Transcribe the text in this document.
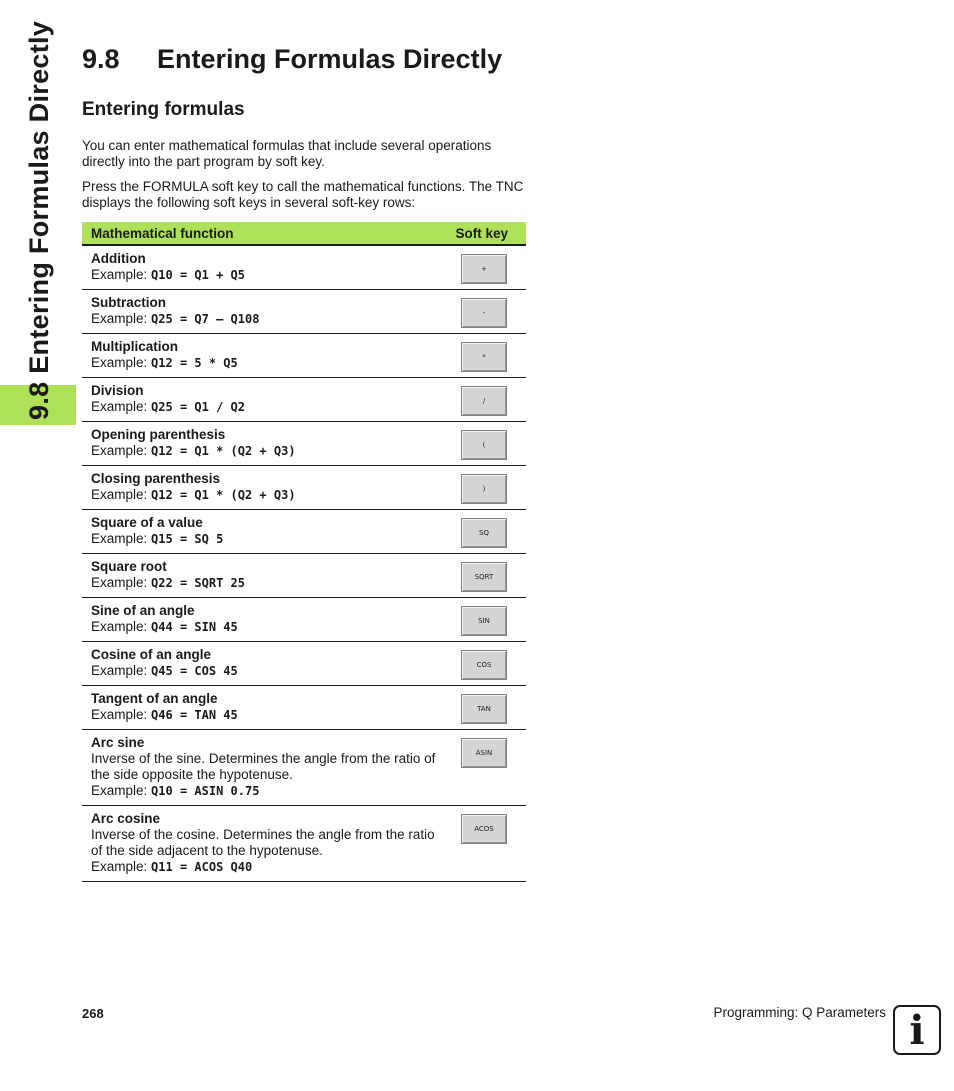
9.8 Entering Formulas Directly 9.8 Entering Formulas Directly
Entering formulas
You can enter mathematical formulas that include several operations directly into the part program by soft key.
Press the FORMULA soft key to call the mathematical functions. The TNC displays the following soft keys in several soft-key rows:
Mathematical function	Soft key

Addition
Example: Q10 = Q1 + Q5	+

Subtraction
Example: Q25 = Q7 – Q108	-

Multiplication
Example: Q12 = 5 * Q5	*

Division
Example: Q25 = Q1 / Q2	/

Opening parenthesis
Example: Q12 = Q1 * (Q2 + Q3)	(

Closing parenthesis
Example: Q12 = Q1 * (Q2 + Q3)	)

Square of a value
Example: Q15 = SQ 5	SQ

Square root
Example: Q22 = SQRT 25	SQRT

Sine of an angle
Example: Q44 = SIN 45	SIN

Cosine of an angle
Example: Q45 = COS 45	COS

Tangent of an angle
Example: Q46 = TAN 45	TAN

Arc sine
Inverse of the sine. Determines the angle from the ratio of the side opposite the hypotenuse.
Example: Q10 = ASIN 0.75	ASIN

Arc cosine
Inverse of the cosine. Determines the angle from the ratio of the side adjacent to the hypotenuse.
Example: Q11 = ACOS Q40	ACOS
268	Programming: Q Parameters i
